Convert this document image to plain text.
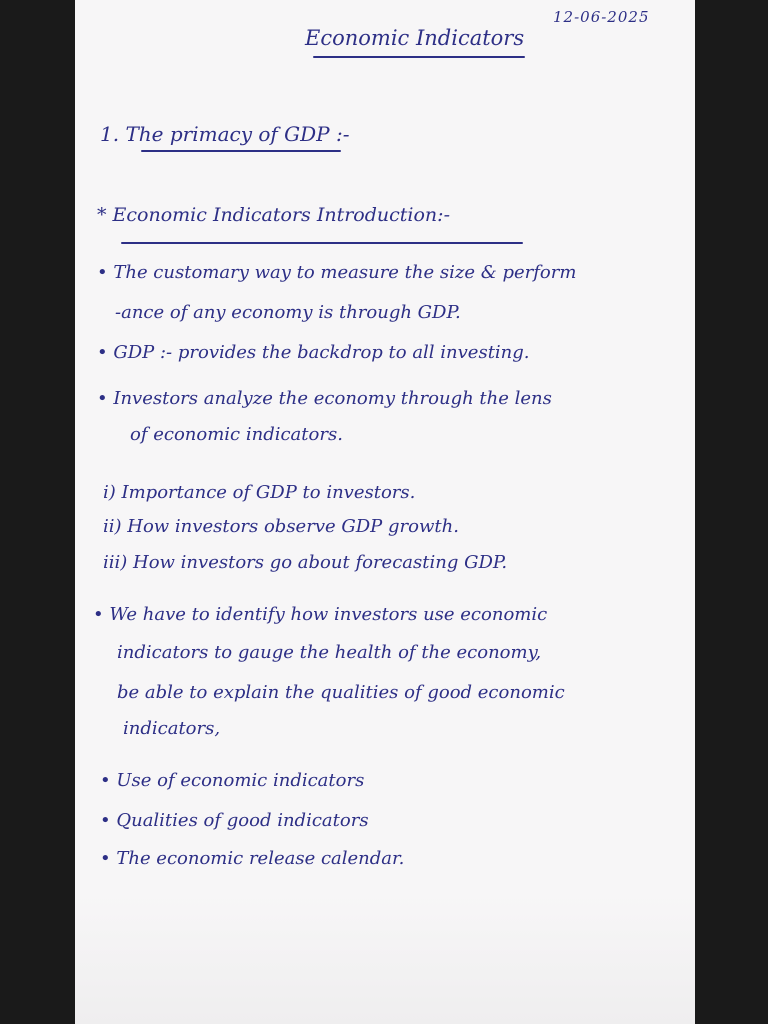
12-06-2025
Economic Indicators
1. The primacy of GDP :-
* Economic Indicators Introduction:-
• The customary way to measure the size & perform
-ance of any economy is through GDP.
• GDP :- provides the backdrop to all investing.
• Investors analyze the economy through the lens
of economic indicators.
i) Importance of GDP to investors.
ii) How investors observe GDP growth.
iii) How investors go about forecasting GDP.
• We have to identify how investors use economic
indicators to gauge the health of the economy,
be able to explain the qualities of good economic
indicators,
• Use of economic indicators
• Qualities of good indicators
• The economic release calendar.
